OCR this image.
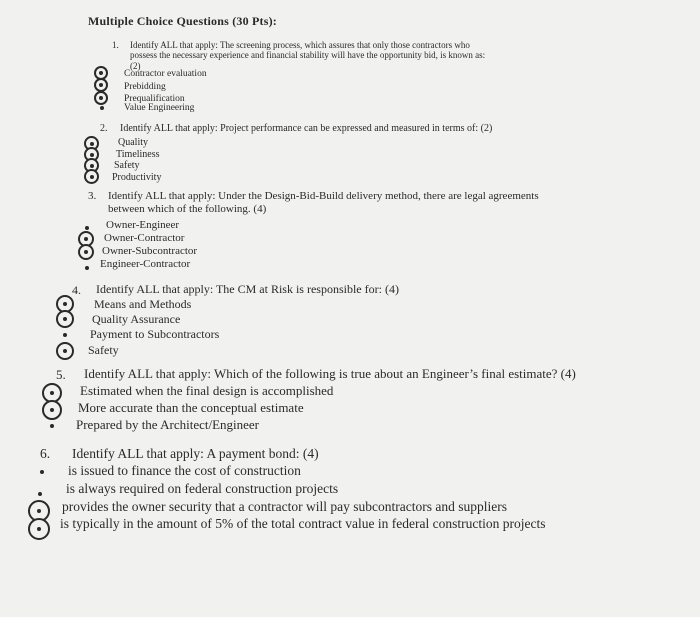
Multiple Choice Questions (30 Pts):
1. Identify ALL that apply: The screening process, which assures that only those contractors who
possess the necessary experience and financial stability will have the opportunity bid, is known as:
(2)
Contractor evaluation
Prebidding
Prequalification
Value Engineering
2. Identify ALL that apply: Project performance can be expressed and measured in terms of: (2)
Quality
Timeliness
Safety
Productivity
3. Identify ALL that apply: Under the Design-Bid-Build delivery method, there are legal agreements
between which of the following. (4)
Owner-Engineer
Owner-Contractor
Owner-Subcontractor
Engineer-Contractor
4. Identify ALL that apply: The CM at Risk is responsible for: (4)
Means and Methods
Quality Assurance
Payment to Subcontractors
Safety
5. Identify ALL that apply: Which of the following is true about an Engineer’s final estimate? (4)
Estimated when the final design is accomplished
More accurate than the conceptual estimate
Prepared by the Architect/Engineer
6. Identify ALL that apply: A payment bond: (4)
is issued to finance the cost of construction
is always required on federal construction projects
provides the owner security that a contractor will pay subcontractors and suppliers
is typically in the amount of 5% of the total contract value in federal construction projects
